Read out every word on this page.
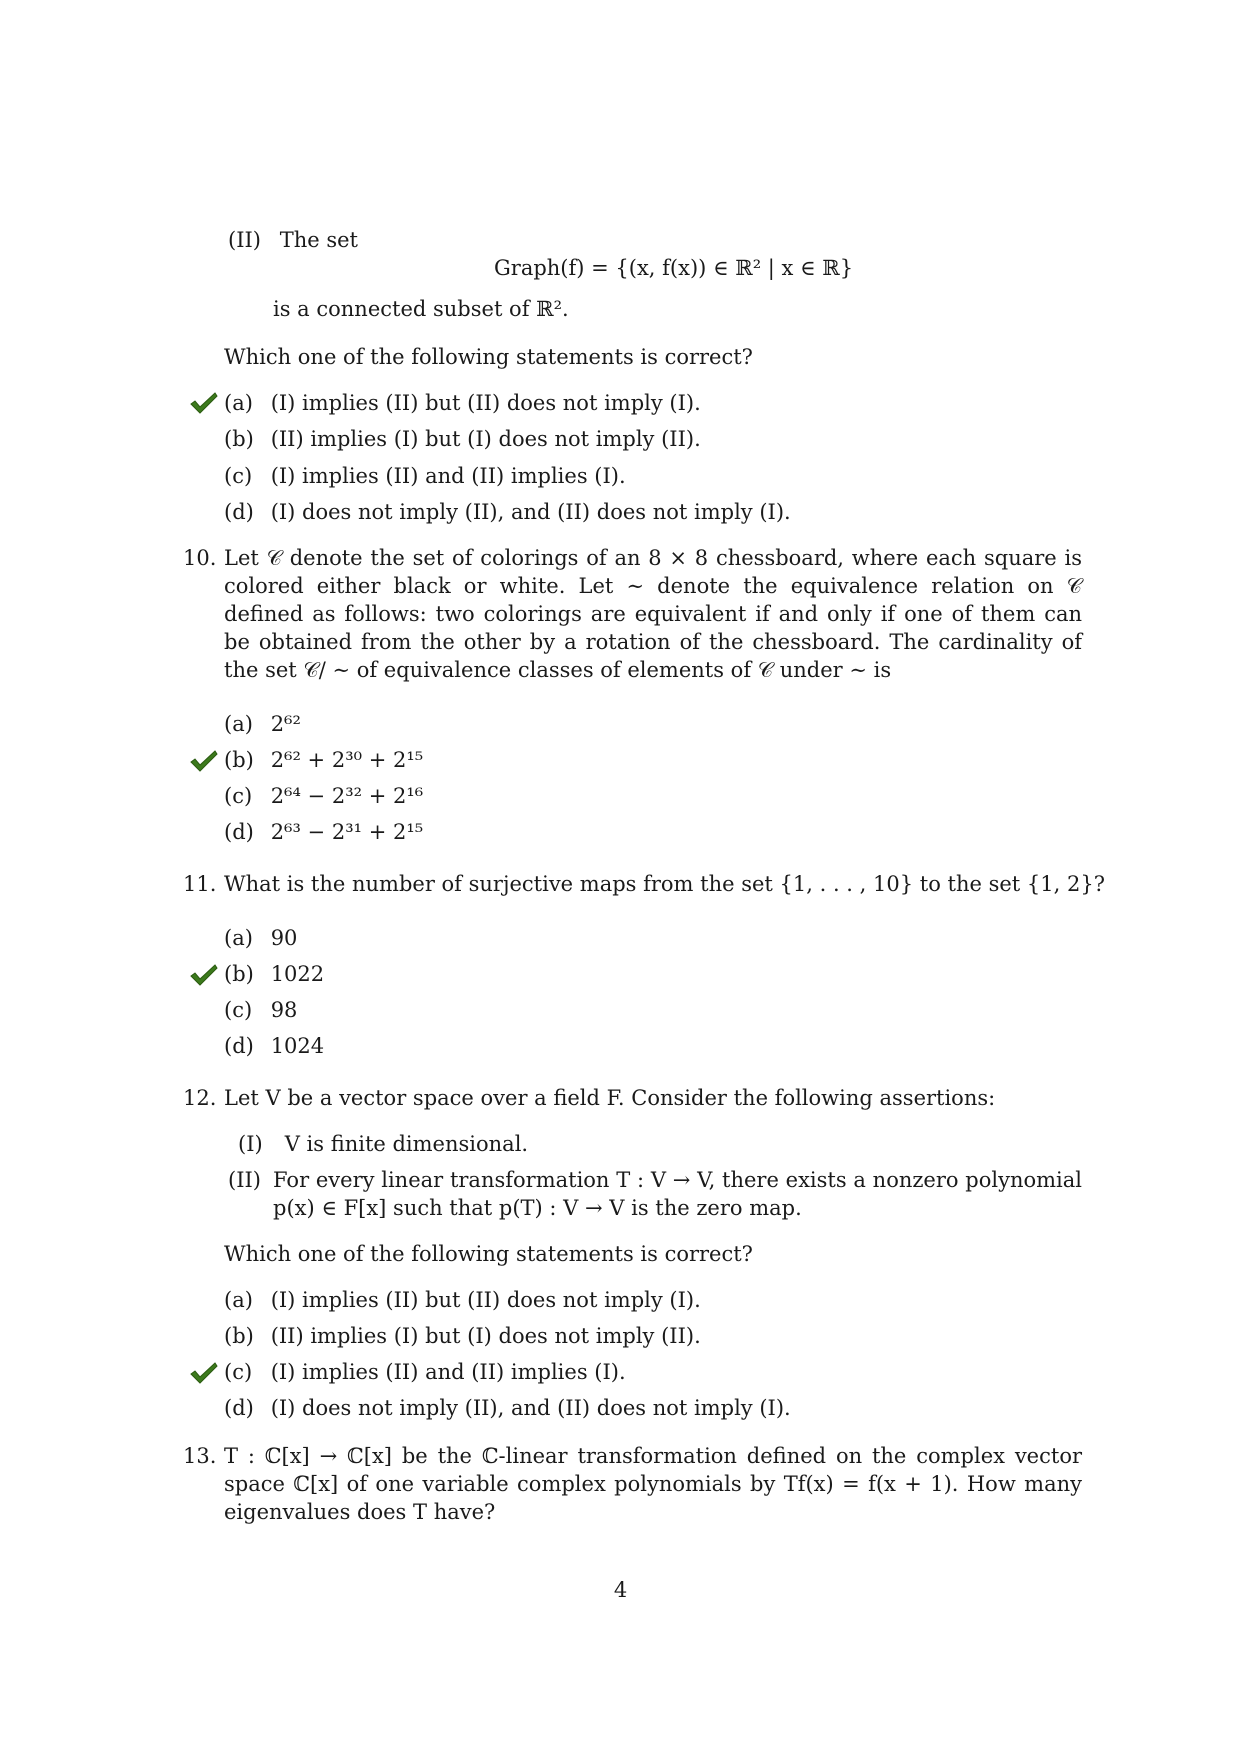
(II) The set
Graph(f) = {(x, f(x)) ∈ ℝ² | x ∈ ℝ}
is a connected subset of ℝ².
Which one of the following statements is correct?
(a) (I) implies (II) but (II) does not imply (I).
(b) (II) implies (I) but (I) does not imply (II).
(c) (I) implies (II) and (II) implies (I).
(d) (I) does not imply (II), and (II) does not imply (I).
10. Let 𝒞 denote the set of colorings of an 8 × 8 chessboard, where each square is colored either black or white. Let ∼ denote the equivalence relation on 𝒞 defined as follows: two colorings are equivalent if and only if one of them can be obtained from the other by a rotation of the chessboard. The cardinality of the set 𝒞/ ∼ of equivalence classes of elements of 𝒞 under ∼ is
(a) 2⁶²
(b) 2⁶² + 2³⁰ + 2¹⁵
(c) 2⁶⁴ − 2³² + 2¹⁶
(d) 2⁶³ − 2³¹ + 2¹⁵
11. What is the number of surjective maps from the set {1, . . . , 10} to the set {1, 2}?
(a) 90
(b) 1022
(c) 98
(d) 1024
12. Let V be a vector space over a field F. Consider the following assertions:
(I) V is finite dimensional.
(II) For every linear transformation T : V → V, there exists a nonzero polynomial p(x) ∈ F[x] such that p(T) : V → V is the zero map.
Which one of the following statements is correct?
(a) (I) implies (II) but (II) does not imply (I).
(b) (II) implies (I) but (I) does not imply (II).
(c) (I) implies (II) and (II) implies (I).
(d) (I) does not imply (II), and (II) does not imply (I).
13. T : ℂ[x] → ℂ[x] be the ℂ-linear transformation defined on the complex vector space ℂ[x] of one variable complex polynomials by Tf(x) = f(x + 1). How many eigenvalues does T have?
4
